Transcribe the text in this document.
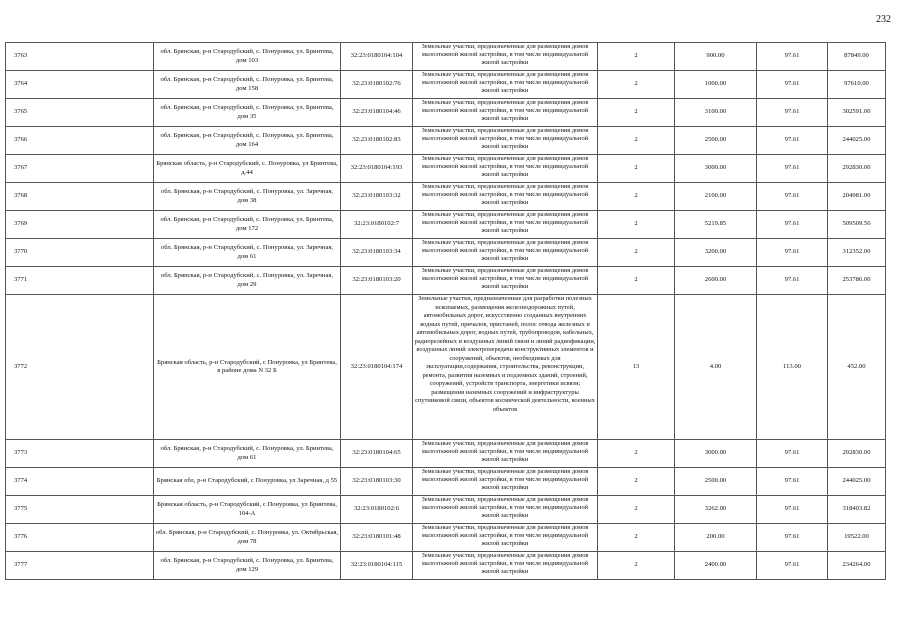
232
3763	обл. Брянская, р-н Стародубский, с. Понуровка, ул. Бринтева, дом 103	32:23:0180104:104	Земельные участки, предназначенные для размещения домов малоэтажной жилой застройки, в том числе индивидуальной жилой застройки	2	900.00	97.61	87849.00
3764	обл. Брянская, р-н Стародубский, с. Понуровка, ул. Бринтева, дом 158	32:23:0180102:76	Земельные участки, предназначенные для размещения домов малоэтажной жилой застройки, в том числе индивидуальной жилой застройки	2	1000.00	97.61	97610.00
3765	обл. Брянская, р-н Стародубский, с. Понуровка, ул. Бринтева, дом 35	32:23:0180104:46	Земельные участки, предназначенные для размещения домов малоэтажной жилой застройки, в том числе индивидуальной жилой застройки	2	3100.00	97.61	302591.00
3766	обл. Брянская, р-н Стародубский, с. Понуровка, ул. Бринтева, дом 164	32:23:0180102:83	Земельные участки, предназначенные для размещения домов малоэтажной жилой застройки, в том числе индивидуальной жилой застройки	2	2500.00	97.61	244025.00
3767	Брянская область, р-н Стародубский, с. Понуровка, ул Бринтева, д.44	32:23:0180104:193	Земельные участки, предназначенные для размещения домов малоэтажной жилой застройки, в том числе индивидуальной жилой застройки	2	3000.00	97.61	292830.00
3768	обл. Брянская, р-н Стародубский, с. Понуровка, ул. Заречная, дом 38	32:23:0180103:32	Земельные участки, предназначенные для размещения домов малоэтажной жилой застройки, в том числе индивидуальной жилой застройки	2	2100.00	97.61	204981.00
3769	обл. Брянская, р-н Стародубский, с. Понуровка, ул. Бринтева, дом 172	32:23:0180102:7	Земельные участки, предназначенные для размещения домов малоэтажной жилой застройки, в том числе индивидуальной жилой застройки	2	5219.85	97.61	509509.56
3770	обл. Брянская, р-н Стародубский, с. Понуровка, ул. Заречная, дом 61	32:23:0180103:34	Земельные участки, предназначенные для размещения домов малоэтажной жилой застройки, в том числе индивидуальной жилой застройки	2	3200.00	97.61	312352.00
3771	обл. Брянская, р-н Стародубский, с. Понуровка, ул. Заречная, дом 29	32:23:0180103:20	Земельные участки, предназначенные для размещения домов малоэтажной жилой застройки, в том числе индивидуальной жилой застройки	2	2600.00	97.61	253786.00
3772	Брянская область, р-н Стародубский, с Понуровка, ул Бринтева, в районе дома N 32 Б	32:23:0180104:174	Земельные участки, предназначенные для разработки полезных ископаемых, размещения железнодорожных путей, автомобильных дорог, искусственно созданных внутренних водных путей, причалов, пристаней, полос отвода железных и автомобильных дорог, водных путей, трубопроводов, кабельных, радиорелейных и воздушных линий связи и линий радиофикации, воздушных линий электропередачи конструктивных элементов и сооружений, объектов, необходимых для эксплуатации,содержания, строительства, реконструкции, ремонта, развития наземных и подземных зданий, строений, сооружений, устройств транспорта, энергетики исвязи; размещения наземных сооружений и инфраструктуры спутниковой связи, объектов космической деятельности, военных объектов	13	4.00	113.00	452.00
3773	обл. Брянская, р-н Стародубский, с. Понуровка, ул. Бринтева, дом 61	32:23:0180104:65	Земельные участки, предназначенные для размещения домов малоэтажной жилой застройки, в том числе индивидуальной жилой застройки	2	3000.00	97.61	292830.00
3774	Брянская обл, р-н Стародубский, с Понуровка, ул Заречная, д 55	32:23:0180103:30	Земельные участки, предназначенные для размещения домов малоэтажной жилой застройки, в том числе индивидуальной жилой застройки	2	2500.00	97.61	244025.00
3775	Брянская область, р-н Стародубский, с Понуровка, ул Бринтева, 104-А	32:23:0180102:6	Земельные участки, предназначенные для размещения домов малоэтажной жилой застройки, в том числе индивидуальной жилой застройки	2	3262.00	97.61	318403.82
3776	обл. Брянская, р-н Стародубский, с. Понуровка, ул. Октябрьская, дом 78	32:23:0180101:48	Земельные участки, предназначенные для размещения домов малоэтажной жилой застройки, в том числе индивидуальной жилой застройки	2	200.00	97.61	19522.00
3777	обл. Брянская, р-н Стародубский, с. Понуровка, ул. Бринтева, дом 129	32:23:0180104:115	Земельные участки, предназначенные для размещения домов малоэтажной жилой застройки, в том числе индивидуальной жилой застройки	2	2400.00	97.61	234264.00
